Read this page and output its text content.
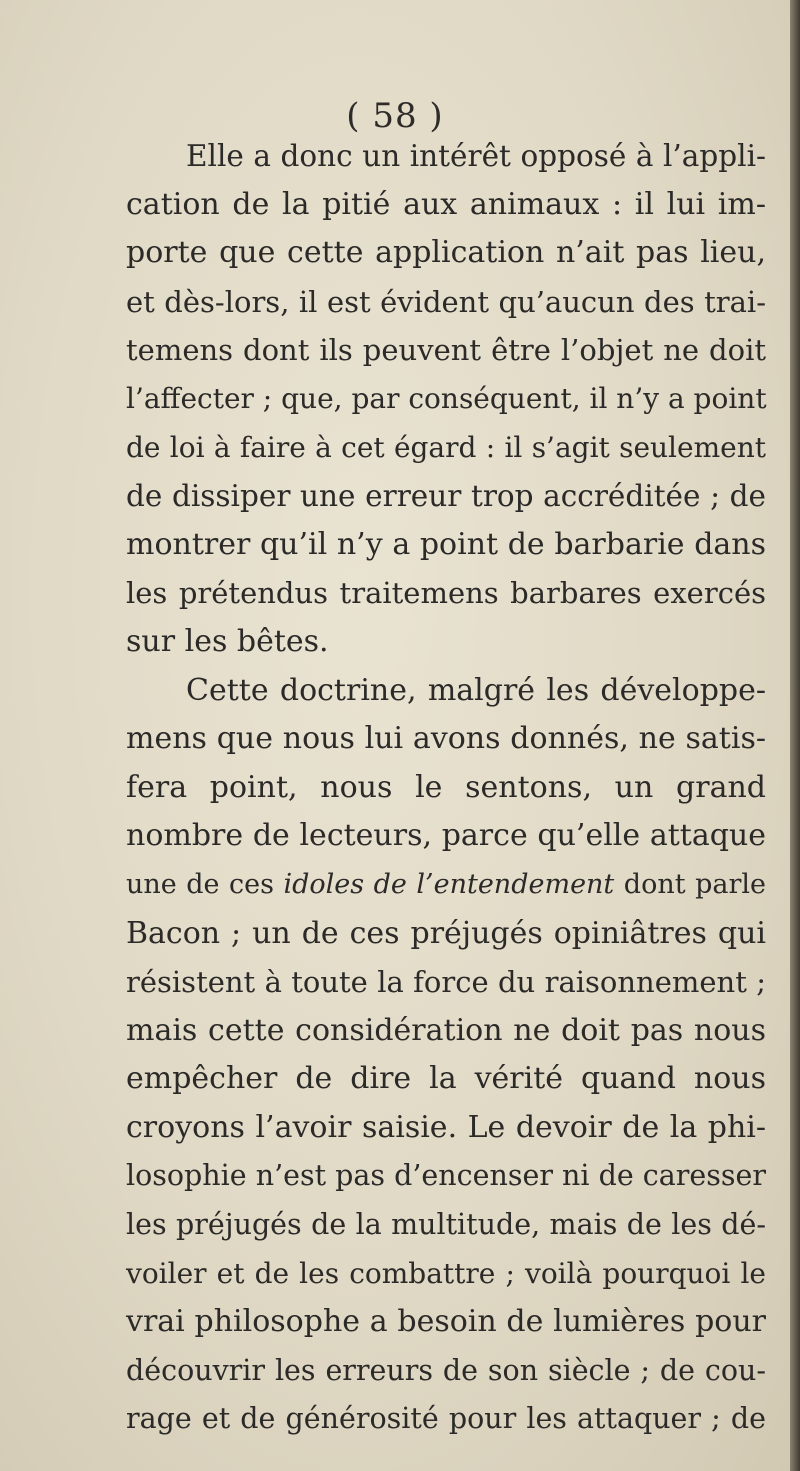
( 58 )
Elle a donc un intérêt opposé à l’appli-
cation de la pitié aux animaux : il lui im-
porte que cette application n’ait pas lieu,
et dès-lors, il est évident qu’aucun des trai-
temens dont ils peuvent être l’objet ne doit
l’affecter ; que, par conséquent, il n’y a point
de loi à faire à cet égard : il s’agit seulement
de dissiper une erreur trop accréditée ; de
montrer qu’il n’y a point de barbarie dans
les prétendus traitemens barbares exercés
sur les bêtes.
Cette doctrine, malgré les développe-
mens que nous lui avons donnés, ne satis-
fera point, nous le sentons, un grand
nombre de lecteurs, parce qu’elle attaque
une de ces idoles de l’entendement dont parle
Bacon ; un de ces préjugés opiniâtres qui
résistent à toute la force du raisonnement ;
mais cette considération ne doit pas nous
empêcher de dire la vérité quand nous
croyons l’avoir saisie. Le devoir de la phi-
losophie n’est pas d’encenser ni de caresser
les préjugés de la multitude, mais de les dé-
voiler et de les combattre ; voilà pourquoi le
vrai philosophe a besoin de lumières pour
découvrir les erreurs de son siècle ; de cou-
rage et de générosité pour les attaquer ; de
